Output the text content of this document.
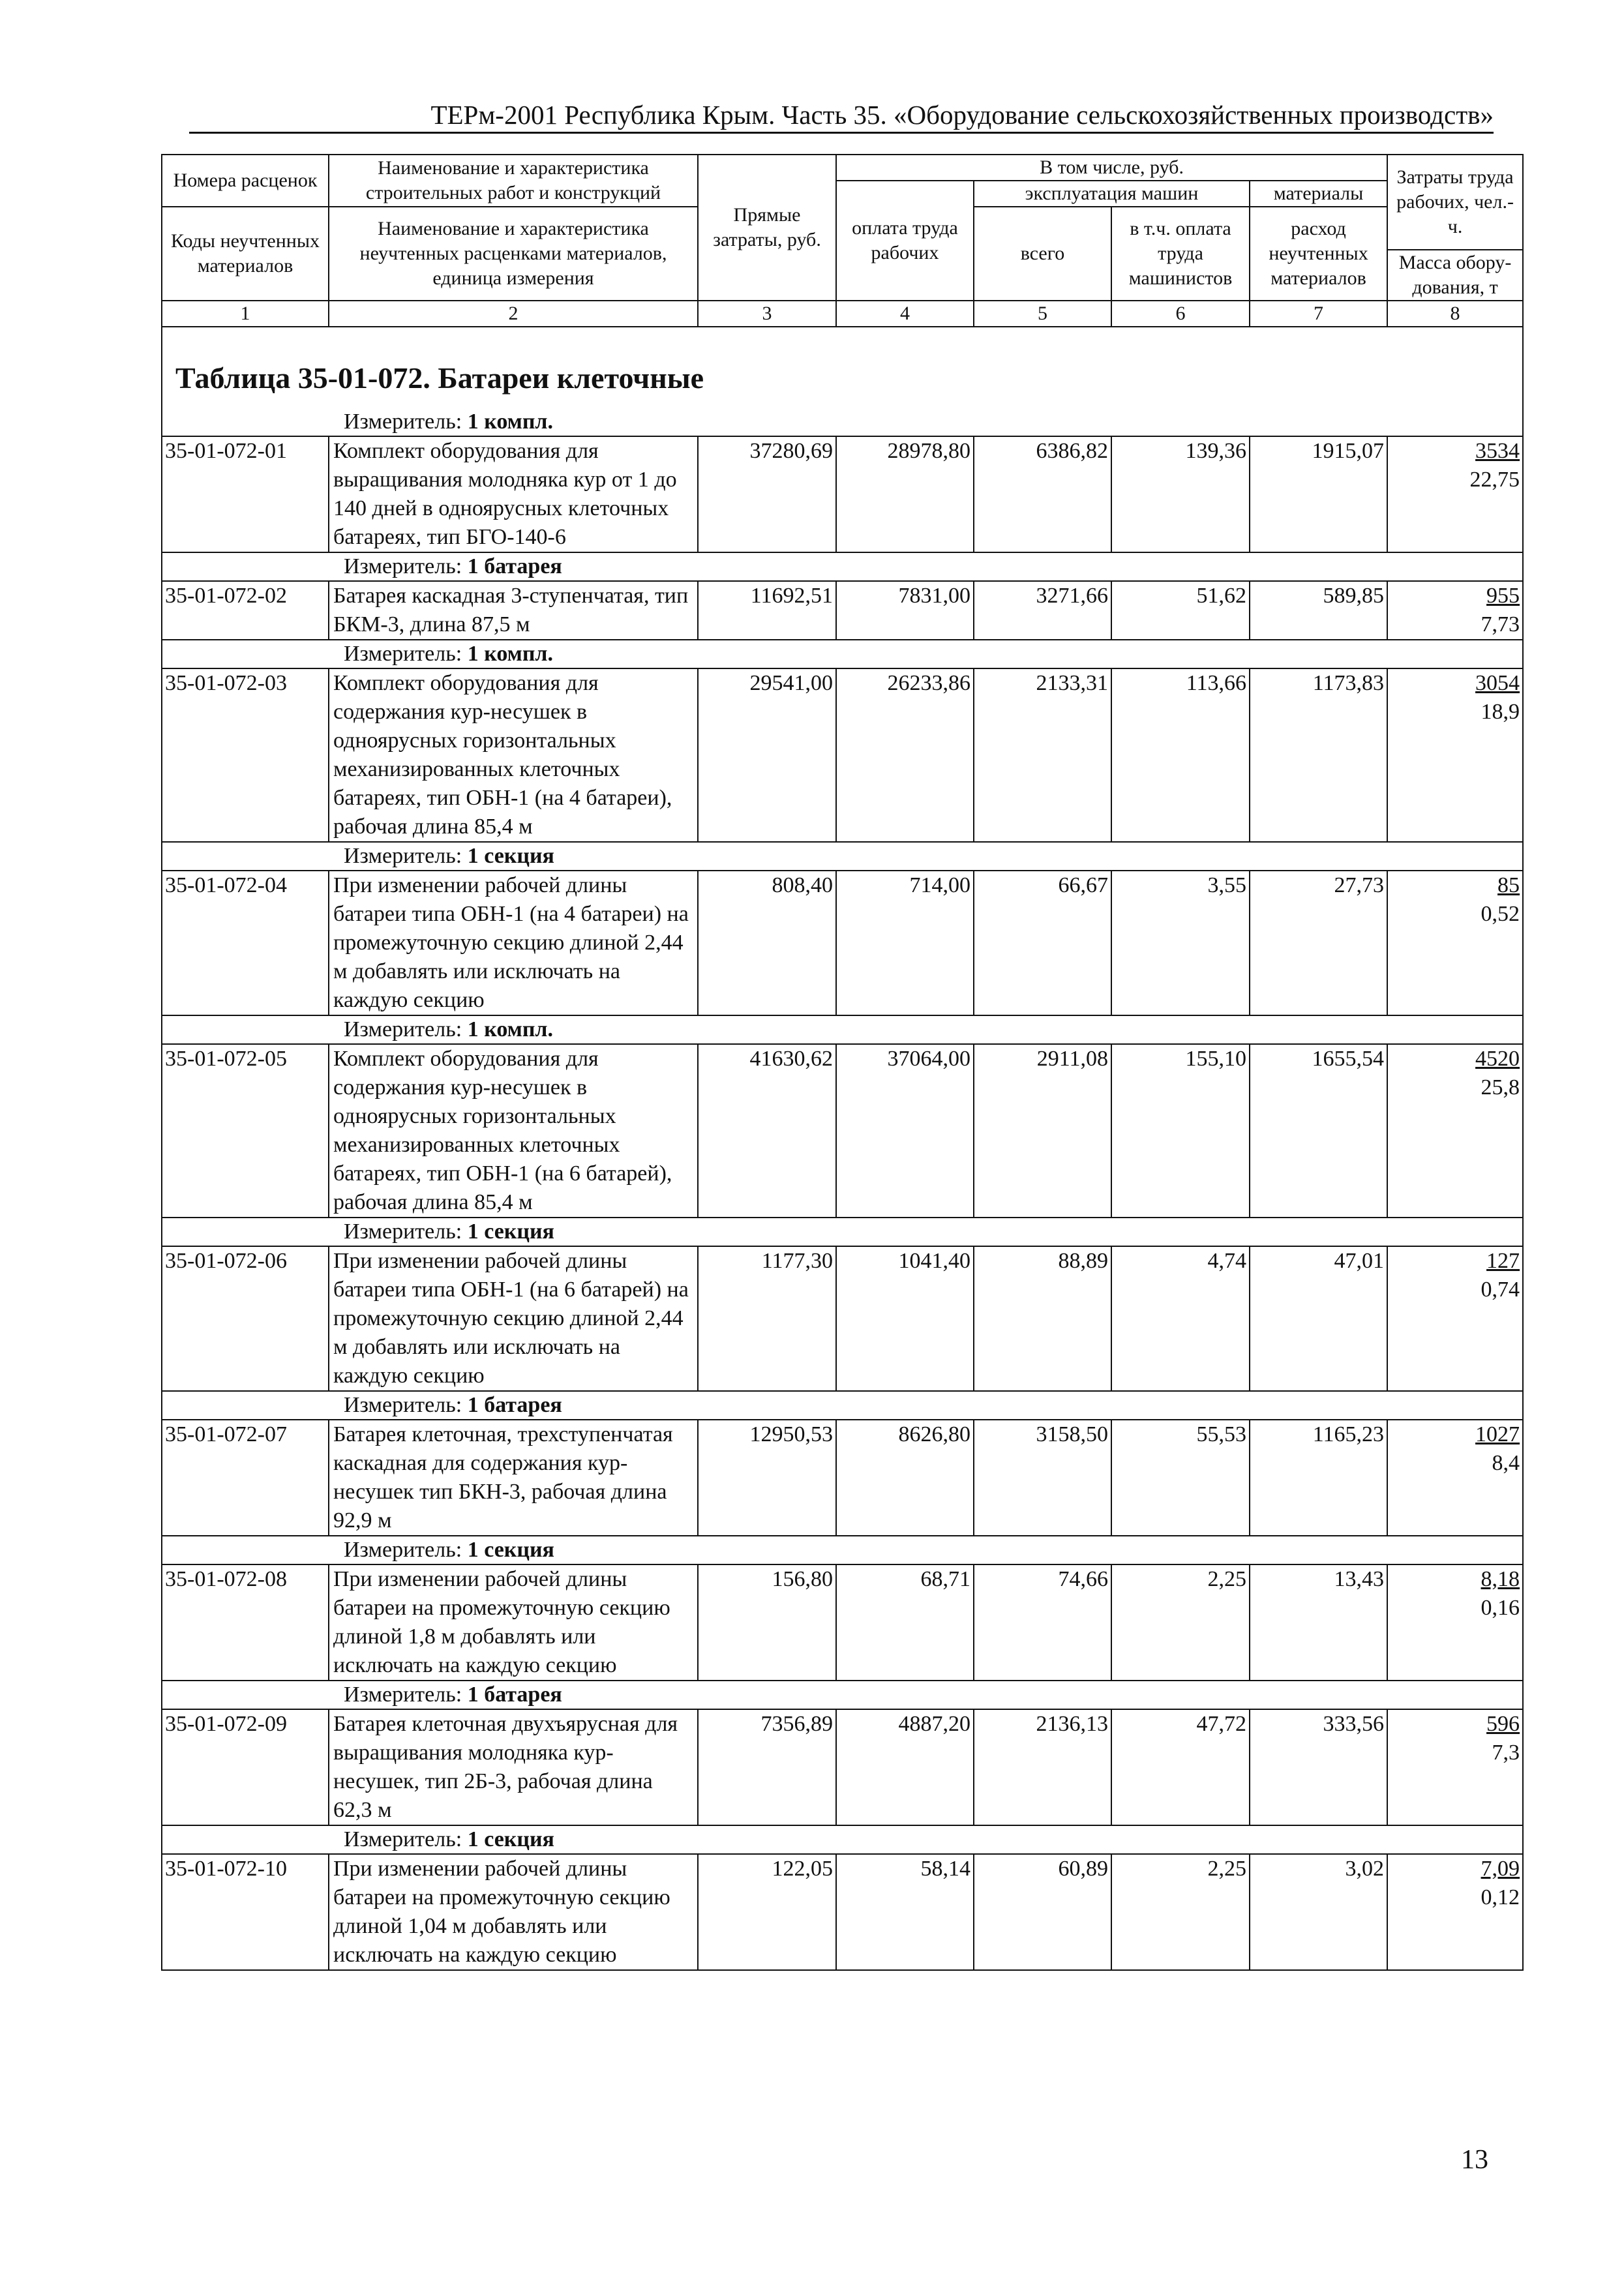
ТЕРм-2001 Республика Крым. Часть 35. «Оборудование сельскохозяйственных производств»
Номера расценок	Наименование и характеристика строительных работ и конструкций	Прямые затраты, руб.	В том числе, руб.				Затраты труда рабочих, чел.-ч.
			оплата труда рабочих	эксплуатация машин		материалы	
Коды неучтенных материалов	Наименование и характеристика неучтенных расценками материалов, единица измерения			всего	в т.ч. оплата труда машинистов	расход неучтенных материалов	
							Масса обору-дования, т

1	2	3	4	5	6	7	8
Таблица 35-01-072. Батареи клеточные							
Измеритель: 1 компл.							
35-01-072-01	Комплект оборудования для выращивания молодняка кур от 1 до 140 дней в одноярусных клеточных батареях, тип БГО-140-6	37280,69	28978,80	6386,82	139,36	1915,07	3534
22,75

Измеритель: 1 батарея							
35-01-072-02	Батарея каскадная 3-ступенчатая, тип БКМ-3, длина 87,5 м	11692,51	7831,00	3271,66	51,62	589,85	955
7,73

Измеритель: 1 компл.							
35-01-072-03	Комплект оборудования для содержания кур-несушек в одноярусных горизонтальных механизированных клеточных батареях, тип ОБН-1 (на 4 батареи), рабочая длина 85,4 м	29541,00	26233,86	2133,31	113,66	1173,83	3054
18,9

Измеритель: 1 секция							
35-01-072-04	При изменении рабочей длины батареи типа ОБН-1 (на 4 батареи) на промежуточную секцию длиной 2,44 м добавлять или исключать на каждую секцию	808,40	714,00	66,67	3,55	27,73	85
0,52

Измеритель: 1 компл.							
35-01-072-05	Комплект оборудования для содержания кур-несушек в одноярусных горизонтальных механизированных клеточных батареях, тип ОБН-1 (на 6 батарей), рабочая длина 85,4 м	41630,62	37064,00	2911,08	155,10	1655,54	4520
25,8

Измеритель: 1 секция							
35-01-072-06	При изменении рабочей длины батареи типа ОБН-1 (на 6 батарей) на промежуточную секцию длиной 2,44 м добавлять или исключать на каждую секцию	1177,30	1041,40	88,89	4,74	47,01	127
0,74

Измеритель: 1 батарея							
35-01-072-07	Батарея клеточная, трехступенчатая каскадная для содержания кур-несушек тип БКН-3, рабочая длина 92,9 м	12950,53	8626,80	3158,50	55,53	1165,23	1027
8,4

Измеритель: 1 секция							
35-01-072-08	При изменении рабочей длины батареи на промежуточную секцию длиной 1,8 м добавлять или исключать на каждую секцию	156,80	68,71	74,66	2,25	13,43	8,18
0,16

Измеритель: 1 батарея							
35-01-072-09	Батарея клеточная двухъярусная для выращивания молодняка кур-несушек, тип 2Б-3, рабочая длина 62,3 м	7356,89	4887,20	2136,13	47,72	333,56	596
7,3

Измеритель: 1 секция							
35-01-072-10	При изменении рабочей длины батареи на промежуточную секцию длиной 1,04 м добавлять или исключать на каждую секцию	122,05	58,14	60,89	2,25	3,02	7,09
0,12
13
